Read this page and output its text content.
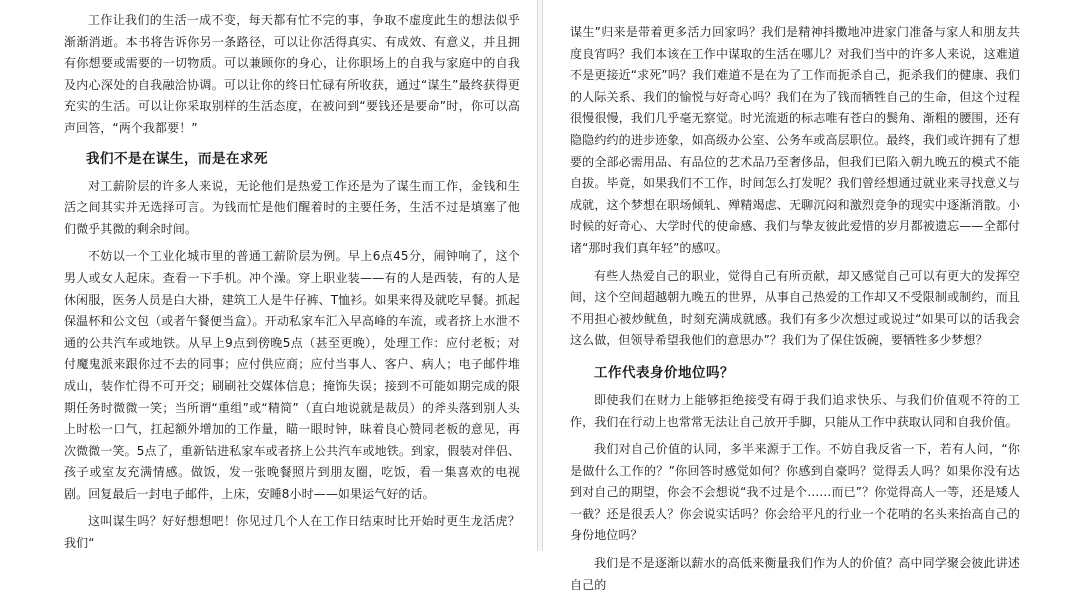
工作让我们的生活一成不变，每天都有忙不完的事，争取不虚度此生的想法似乎渐渐消逝。本书将告诉你另一条路径，可以让你活得真实、有成效、有意义，并且拥有你想要或需要的一切物质。可以兼顾你的身心，让你职场上的自我与家庭中的自我及内心深处的自我融洽协调。可以让你的终日忙碌有所收获，通过“谋生”最终获得更充实的生活。可以让你采取别样的生活态度，在被问到“要钱还是要命”时，你可以高声回答，“两个我都要！”

我们不是在谋生，而是在求死

对工薪阶层的许多人来说，无论他们是热爱工作还是为了谋生而工作，金钱和生活之间其实并无选择可言。为钱而忙是他们醒着时的主要任务，生活不过是填塞了他们微乎其微的剩余时间。

不妨以一个工业化城市里的普通工薪阶层为例。早上6点45分，闹钟响了，这个男人或女人起床。查看一下手机。冲个澡。穿上职业装——有的人是西装，有的人是休闲服，医务人员是白大褂，建筑工人是牛仔裤、T恤衫。如果来得及就吃早餐。抓起保温杯和公文包（或者午餐便当盒）。开动私家车汇入早高峰的车流，或者挤上水泄不通的公共汽车或地铁。从早上9点到傍晚5点（甚至更晚），处理工作：应付老板；对付魔鬼派来跟你过不去的同事；应付供应商；应付当事人、客户、病人；电子邮件堆成山，装作忙得不可开交；刷刷社交媒体信息；掩饰失误；接到不可能如期完成的限期任务时微微一笑；当所谓“重组”或“精简”（直白地说就是裁员）的斧头落到别人头上时松一口气，扛起额外增加的工作量，瞄一眼时钟，昧着良心赞同老板的意见，再次微微一笑。5点了，重新钻进私家车或者挤上公共汽车或地铁。到家，假装对伴侣、孩子或室友充满情感。做饭，发一张晚餐照片到朋友圈，吃饭，看一集喜欢的电视剧。回复最后一封电子邮件，上床，安睡8小时——如果运气好的话。

这叫谋生吗？好好想想吧！你见过几个人在工作日结束时比开始时更生龙活虎？我们“

谋生”归来是带着更多活力回家吗？我们是精神抖擞地冲进家门准备与家人和朋友共度良宵吗？我们本该在工作中谋取的生活在哪儿？对我们当中的许多人来说，这难道不是更接近“求死”吗？我们难道不是在为了工作而扼杀自己，扼杀我们的健康、我们的人际关系、我们的愉悦与好奇心吗？我们在为了钱而牺牲自己的生命，但这个过程很慢很慢，我们几乎毫无察觉。时光流逝的标志唯有苍白的鬓角、渐粗的腰围，还有隐隐约约的进步迹象，如高级办公室、公务车或高层职位。最终，我们或许拥有了想要的全部必需用品、有品位的艺术品乃至奢侈品，但我们已陷入朝九晚五的模式不能自拔。毕竟，如果我们不工作，时间怎么打发呢？我们曾经想通过就业来寻找意义与成就，这个梦想在职场倾轧、殚精竭虑、无聊沉闷和激烈竞争的现实中逐渐消散。小时候的好奇心、大学时代的使命感、我们与挚友彼此爱惜的岁月都被遗忘——全都付诸“那时我们真年轻”的感叹。

有些人热爱自己的职业，觉得自己有所贡献，却又感觉自己可以有更大的发挥空间，这个空间超越朝九晚五的世界，从事自己热爱的工作却又不受限制或制约，而且不用担心被炒鱿鱼，时刻充满成就感。我们有多少次想过或说过“如果可以的话我会这么做，但领导希望我他们的意思办”？我们为了保住饭碗，要牺牲多少梦想？

工作代表身价地位吗？

即使我们在财力上能够拒绝接受有碍于我们追求快乐、与我们价值观不符的工作，我们在行动上也常常无法让自己放开手脚，只能从工作中获取认同和自我价值。

我们对自己价值的认同，多半来源于工作。不妨自我反省一下，若有人问，“你是做什么工作的？”你回答时感觉如何？你感到自豪吗？觉得丢人吗？如果你没有达到对自己的期望，你会不会想说“我不过是个……而已”？你觉得高人一等，还是矮人一截？还是很丢人？你会说实话吗？你会给平凡的行业一个花哨的名头来抬高自己的身份地位吗？

我们是不是逐渐以薪水的高低来衡量我们作为人的价值？高中同学聚会彼此讲述自己的
